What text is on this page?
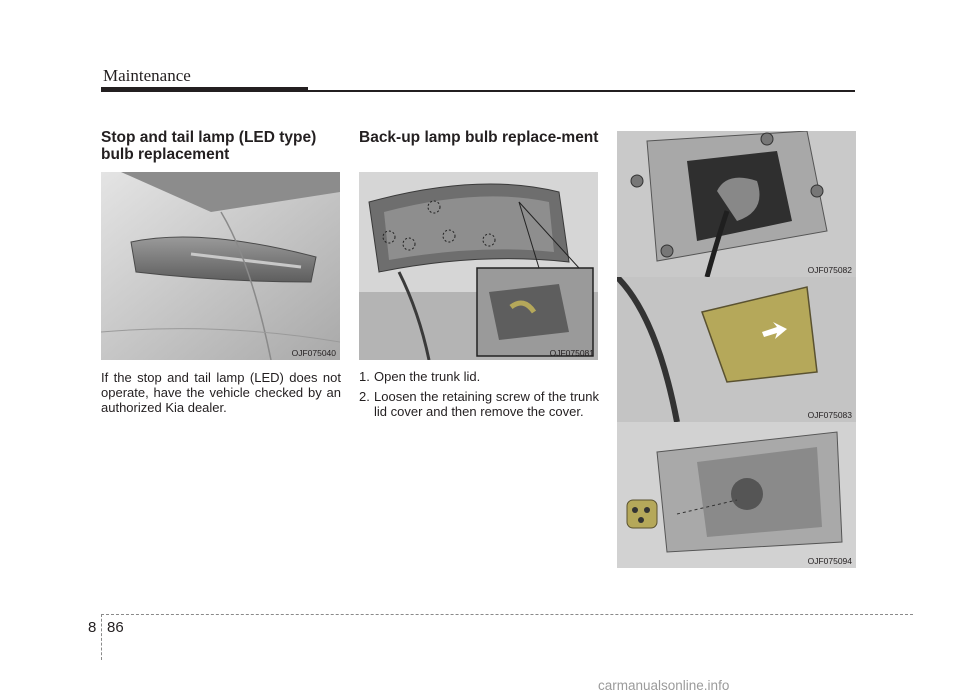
Maintenance
Stop and tail lamp (LED type) bulb replacement
Back-up lamp bulb replace-ment
OJF075040

If the stop and tail lamp (LED) does not operate, have the vehicle checked by an authorized Kia dealer.

OJF075081
1. Open the trunk lid.
2. Loosen the retaining screw of the trunk lid cover and then remove the cover.
OJF075082
OJF075083
OJF075094
8 86
carmanualsonline.info
